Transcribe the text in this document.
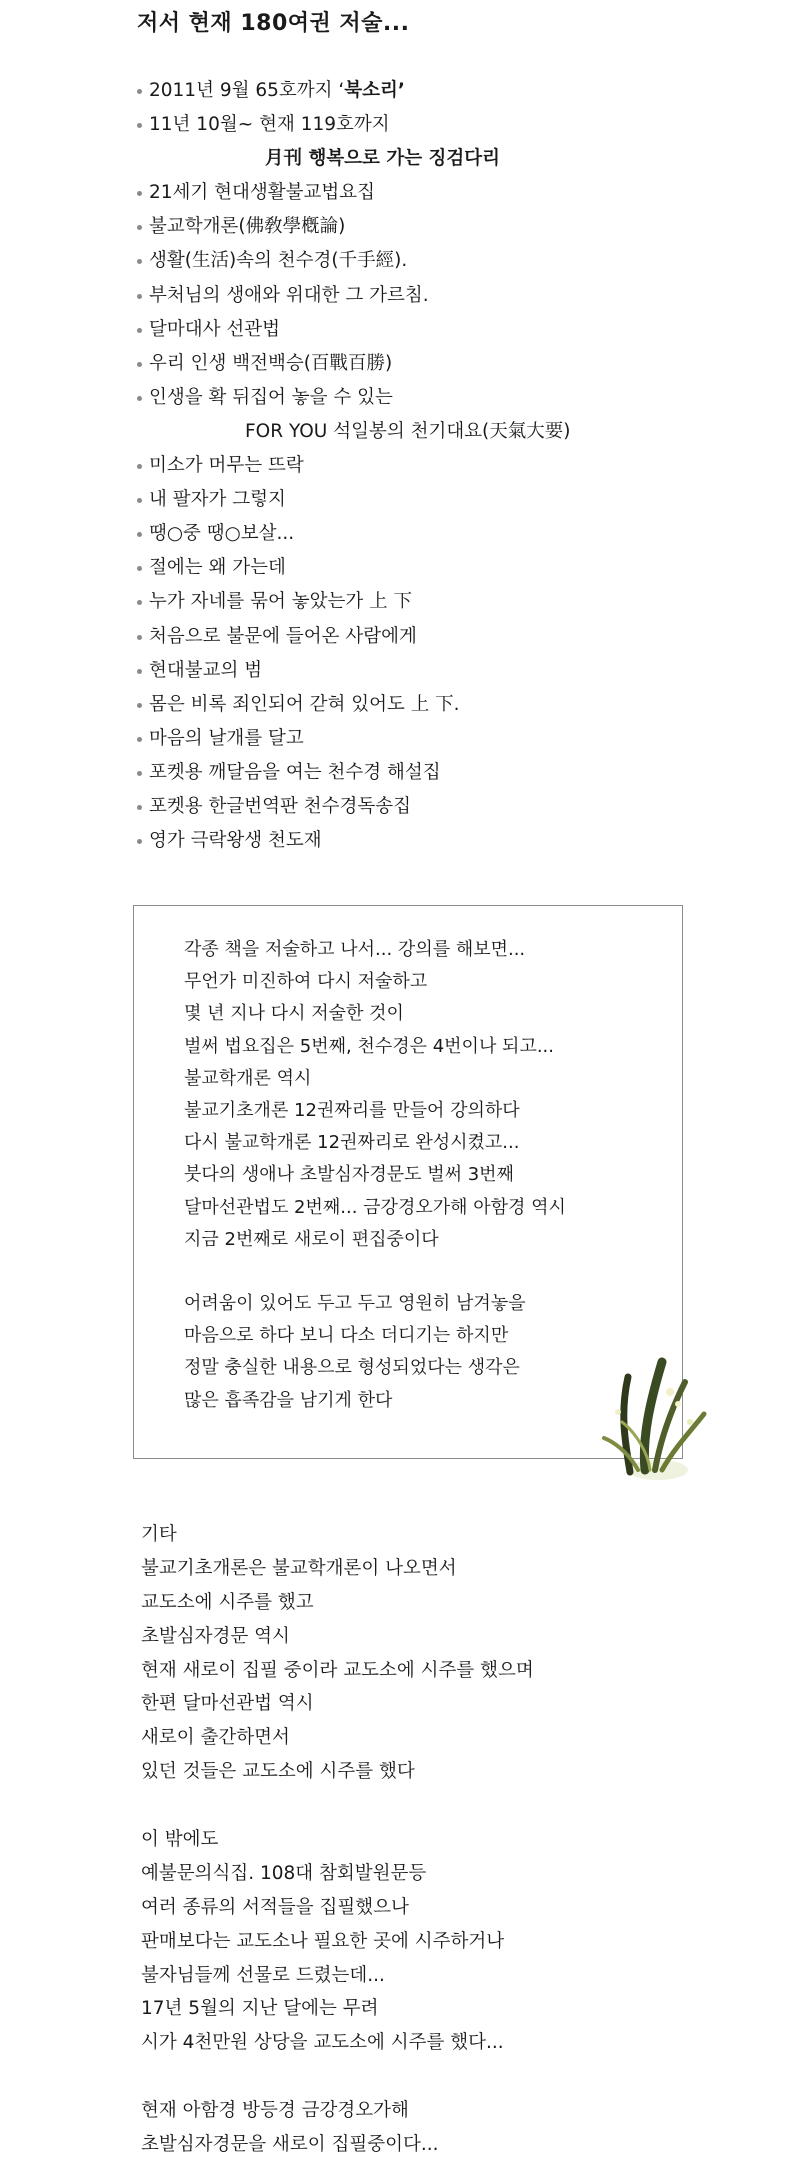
저서 현재 180여권 저술...
2011년 9월 65호까지 ‘북소리’
11년 10월~ 현재 119호까지
月刊 행복으로 가는 징검다리
21세기 현대생활불교법요집
불교학개론(佛敎學槪論)
생활(生活)속의 천수경(千手經).
부처님의 생애와 위대한 그 가르침.
달마대사 선관법
우리 인생 백전백승(百戰百勝)
인생을 확 뒤집어 놓을 수 있는
FOR YOU 석일봉의 천기대요(天氣大要)
미소가 머무는 뜨락
내 팔자가 그렇지
땡○중 땡○보살...
절에는 왜 가는데
누가 자네를 묶어 놓았는가 上 下
처음으로 불문에 들어온 사람에게
현대불교의 범
몸은 비록 죄인되어 갇혀 있어도 上 下.
마음의 날개를 달고
포켓용 깨달음을 여는 천수경 해설집
포켓용 한글번역판 천수경독송집
영가 극락왕생 천도재
각종 책을 저술하고 나서... 강의를 해보면...
무언가 미진하여 다시 저술하고
몇 년 지나 다시 저술한 것이
벌써 법요집은 5번째, 천수경은 4번이나 되고...
불교학개론 역시
불교기초개론 12권짜리를 만들어 강의하다
다시 불교학개론 12권짜리로 완성시켰고...
붓다의 생애나 초발심자경문도 벌써 3번째
달마선관법도 2번째... 금강경오가해 아함경 역시
지금 2번째로 새로이 편집중이다

어려움이 있어도 두고 두고 영원히 남겨놓을
마음으로 하다 보니 다소 더디기는 하지만
정말 충실한 내용으로 형성되었다는 생각은
많은 흡족감을 남기게 한다
기타
불교기초개론은 불교학개론이 나오면서
교도소에 시주를 했고
초발심자경문 역시
현재 새로이 집필 중이라 교도소에 시주를 했으며
한편 달마선관법 역시
새로이 출간하면서
있던 것들은 교도소에 시주를 했다

이 밖에도
예불문의식집. 108대 참회발원문등
여러 종류의 서적들을 집필했으나
판매보다는 교도소나 필요한 곳에 시주하거나
불자님들께 선물로 드렸는데...
17년 5월의 지난 달에는 무려
시가 4천만원 상당을 교도소에 시주를 했다...

현재 아함경 방등경 금강경오가해
초발심자경문을 새로이 집필중이다...
